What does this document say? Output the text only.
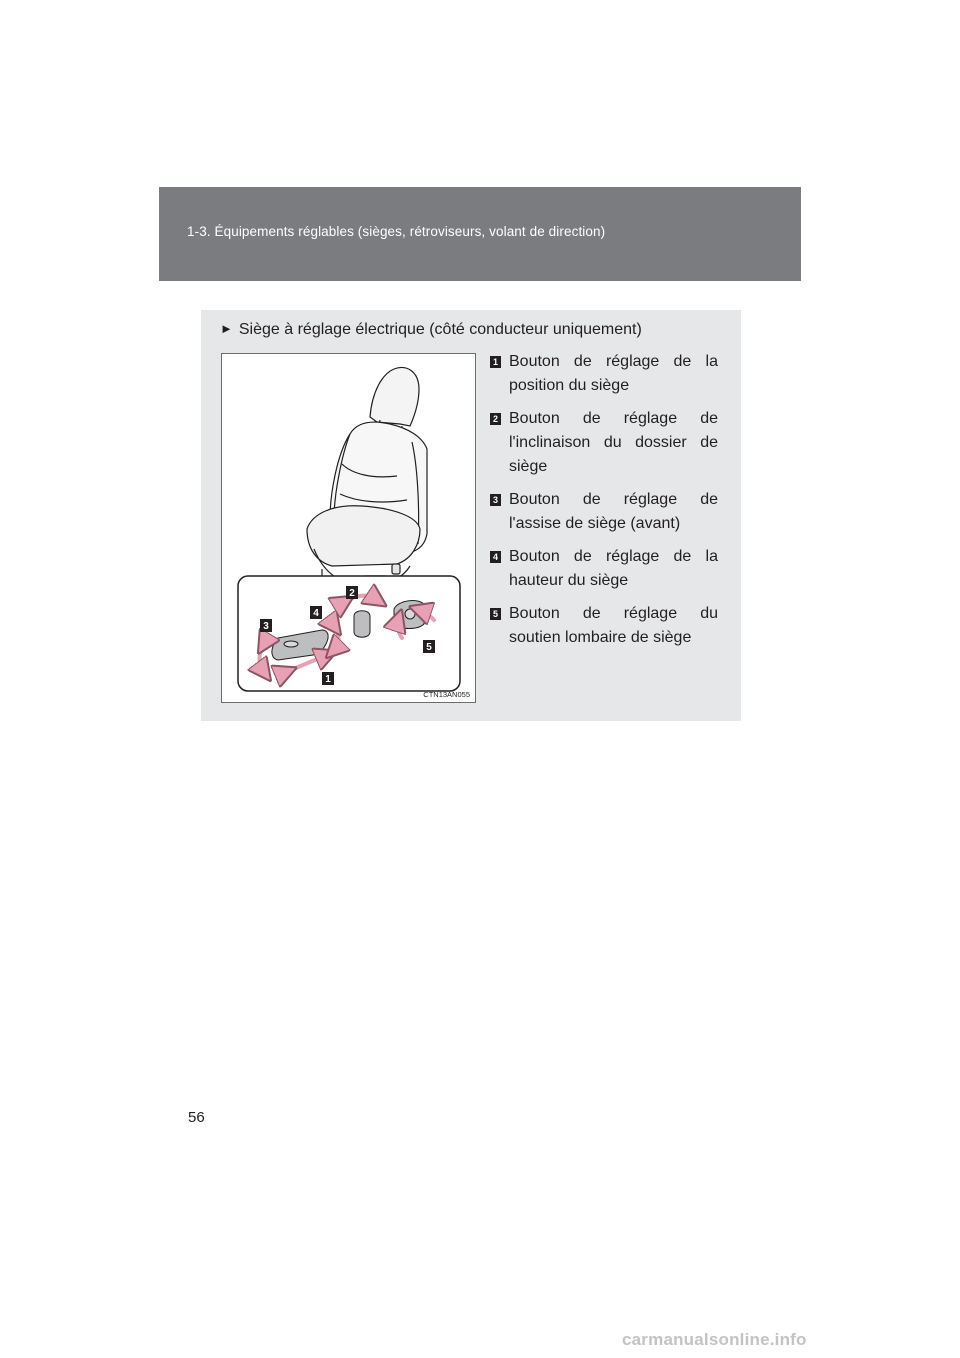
1-3. Équipements réglables (sièges, rétroviseurs, volant de direction)
► Siège à réglage électrique (côté conducteur uniquement)
1
2
3
4
5
CTN13AN055
1 Bouton de réglage de la position du siège
2 Bouton de réglage de l'inclinaison du dossier de siège
3 Bouton de réglage de l'assise de siège (avant)
4 Bouton de réglage de la hauteur du siège
5 Bouton de réglage du soutien lombaire de siège
56
carmanualsonline.info
